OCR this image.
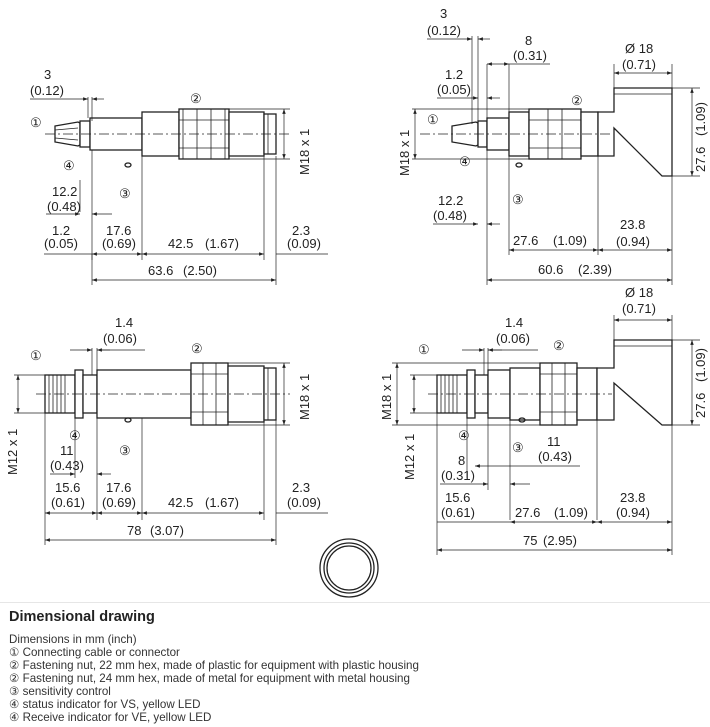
3
(0.12)
M18 x 1
①
②
③
④
12.2
(0.48)
1.2
(0.05)
17.6
(0.69) 42.5 (1.67)
2.3
(0.09)
63.6 (2.50)
3
(0.12)
8
(0.31)
1.2
(0.05)
Ø 18
(0.71)
27.6
(1.09)
M18 x 1
①
②
③
④
12.2
(0.48)
23.8
(0.94)
27.6 (1.09)
60.6 (2.39)
1.4
(0.06)
M18 x 1
M12 x 1
①	②
③
④
11
(0.43)
15.6
(0.61)
17.6
(0.69) 42.5 (1.67)
2.3
(0.09)
78 (3.07)
1.4
(0.06)
Ø 18
(0.71)
27.6
(1.09)
M18 x 1
M12 x 1
①	②
③
④	11
(0.43)
8
(0.31)
15.6
(0.61)	27.6 (1.09)
23.8
(0.94)
75 (2.95)
Dimensional drawing
Dimensions in mm (inch)
① Connecting cable or connector
② Fastening nut, 22 mm hex, made of plastic for equipment with plastic housing
② Fastening nut, 24 mm hex, made of metal for equipment with metal housing
③ sensitivity control
④ status indicator for VS, yellow LED
④ Receive indicator for VE, yellow LED
